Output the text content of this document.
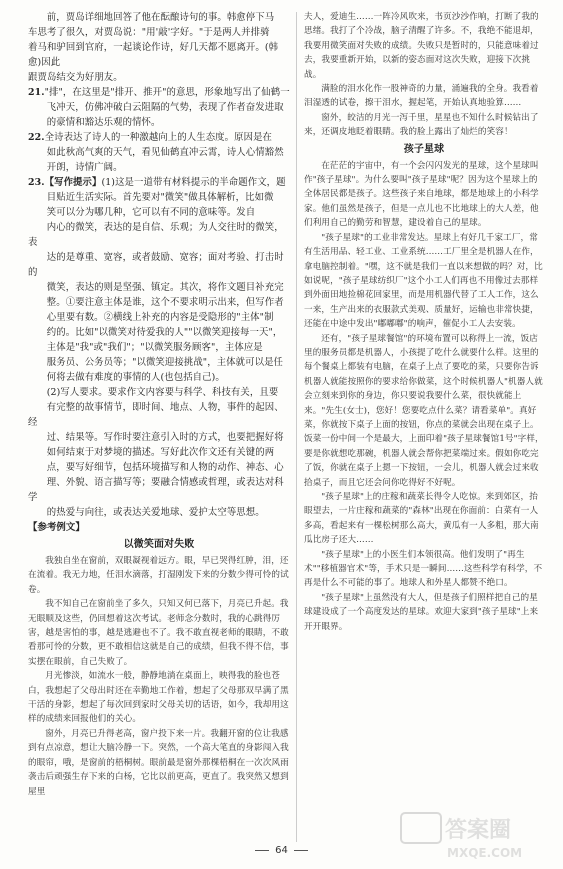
前，贾岛详细地回答了他在酝酿诗句的事。韩愈停下马

车思考了很久，对贾岛说："用'敲'字好。"于是两人并排骑

着马和驴回到官府，一起谈论作诗，好几天都不愿离开。(韩愈)因此

跟贾岛结交为好朋友。

21."排"，在这里是"排开、推开"的意思，形象地写出了仙鹤一

飞冲天，仿佛冲破白云阻隔的气势，表现了作者奋发进取

的豪情和豁达乐观的情怀。

22.全诗表达了诗人的一种激越向上的人生态度。原因是在

如此秋高气爽的天气，看见仙鹤直冲云霄，诗人心情豁然

开朗，诗情广阔。

23.【写作提示】(1)这是一道带有材料提示的半命题作文，题

目贴近生活实际。首先要对"微笑"做具体解析，比如微

笑可以分为哪几种，它可以有不同的意味等。发自

内心的微笑，表达的是自信、乐观；为人交往时的微笑，表

达的是尊重、宽容，或者鼓励、宽容；面对考验、打击时的

微笑，表达的则是坚强、镇定。其次，将作文题目补充完

整。①要注意主体是谁，这个不要求明示出来，但写作者

心里要有数。②横线上补充的内容是受隐形的"主体"制

约的。比如"以微笑对待爱我的人""以微笑迎接每一天"，

主体是"我"或"我们"；"以微笑服务顾客"，主体应是

服务员、公务员等；"以微笑迎接挑战"，主体就可以是任

何将去做有难度的事情的人(也包括自己)。

(2)写人要求。要求作文内容要与科学、科技有关，且要

有完整的故事情节，即时间、地点、人物，事件的起因、经

过、结果等。写作时要注意引入时的方式，也要把握好将

如何结束于对梦境的描述。写好此次作文还有关键的两

点，要写好细节，包括环境描写和人物的动作、神态、心

理、外貌、语言描写等；要融合情感或哲理，或表达对科学

的热爱与向往，或表达关爱地球、爱护太空等思想。

【参考例文】

以微笑面对失败

我独自坐在窗前，双眼凝视着远方。眼，早已哭得红肿，泪，还在流着。我无力地，任泪水滴落，打湿刚发下来的分数少得可怜的试卷。

我不知自己在窗前坐了多久，只知又何已落下，月亮已升起。我无眼顺及这些，仍回想着这次考试。老师念分数时，我的心跳得厉害，越是害怕的事，越是逃避也不了。我不敢直视老师的眼睛，不敢看那可怜的分数，更不敢相信这就是自己的成绩，但我不得不信，事实摆在眼前，自己失败了。

月光惨淡，如流水一般，静静地淌在桌面上，映得我的脸也苍白，我想起了父母出时还在幸勤地工作着，想起了父母那双早满了黑干活的身影，想起了每次回到家时父母关切的话语，如今，我却用这样的成绩来回报他们的关心。

窗外，月亮已升得老高，窗户投下来一片。我翻开窗的位让我感到有点凉意，想让大脑冷静一下。突然，一个高大笔直的身影闯入我的眼帘，哦，是窗前的梧桐树。眼前最是窗外那棵梧桐在一次次风雨袭击后顽强生存下来的白杨，它比以前更高，更直了。我突然又想到屋里

夫人，爱迪生……一阵冷风吹来，书页沙沙作响，打断了我的思绪。我打了个冷战，脑子清醒了许多。不，我绝不能退却，我要用微笑面对失败的成绩。失败只是暂时的，只能意味着过去，我要重新开始，以新的姿态面对这次失败，迎接下次挑战。

满脸的泪水化作一股神奇的力量，涌遍我的全身。我看着泪湿透的试卷，擦干泪水，握起笔，开始认真地验算……

窗外，皎洁的月光一泻千里，星星也不知什么时候钻出了来，还调皮地眨着眼睛。我的脸上露出了灿烂的笑容！

孩子星球

在茫茫的宇宙中，有一个会闪闪发光的星球，这个星球叫作"孩子星球"。为什么要叫"孩子星球"呢？因为这个星球上的全体居民都是孩子。这些孩子来自地球，都是地球上的小科学家。他们虽然是孩子，但是一点儿也不比地球上的大人差，他们利用自己的勤劳和智慧，建设着自己的星球。

"孩子星球"的工业非常发达。星球上有好几千家工厂，常有生活用品、轻工业、工业系统……工厂里全是机器人在作，拿电脑控制着。"嘿，这不就是我们一直以来想做的吗？对，比如说呢，"孩子星球纺织厂"这个小工人们再也不用像过去那样到外面田地捡棉花回家里，而是用机器代替了工人工作，这么一来，生产出来的衣服款式美观、质量好，运输也非常快捷，还能在中途中发出"嘟嘟嘟"的响声，催促小工人去安装。

还有，"孩子星球餐馆"的环境布置可以称得上一流，饭店里的服务员都是机器人，小孩提了吃什么就要什么样。这里的每个餐桌上都装有电脑，在桌子上点了要吃的菜，只要你告诉机器人就能按照你的要求给你做菜，这个时候机器人"机器人就会立刻来到你的身边，你只要说我要什么菜，很快就能上来。"先生(女士)，您好！您要吃点什么菜？请看菜单"。真好菜，你就按下桌子上面的按钮，你点的菜就会出现在桌子上。饭菜一份中间一个是最大，上面印着"孩子星球餐馆1号"字样，要是你就想吃那碗，机器人就会帮你把菜端过来。假如你吃完了饭，你就在桌子上摁一下按钮，一会儿，机器人就会过来收拾桌子，而且它还会问你吃得好不好呢。

"孩子星球"上的庄稼和蔬菜长得令人吃惊。来到郊区，抬眼望去，一片庄稼和蔬菜的"森林"出现在你面前：白菜有一人多高，看起来有一棵松树那么高大，黄瓜有一人多粗，那大南瓜比房子还大……

"孩子星球"上的小医生们本领很高。他们发明了"再生术""移植器官术"等，手术只是一瞬间……这些科学有科学，不再是什么不可能的事了。地球人和外星人都赞不绝口。

"孩子星球"上虽然没有大人，但是孩子们照样把自己的星球建设成了一个高度发达的星球。欢迎大家到"孩子星球"上来开开眼界。

64
答案圈
MXQE.COM
